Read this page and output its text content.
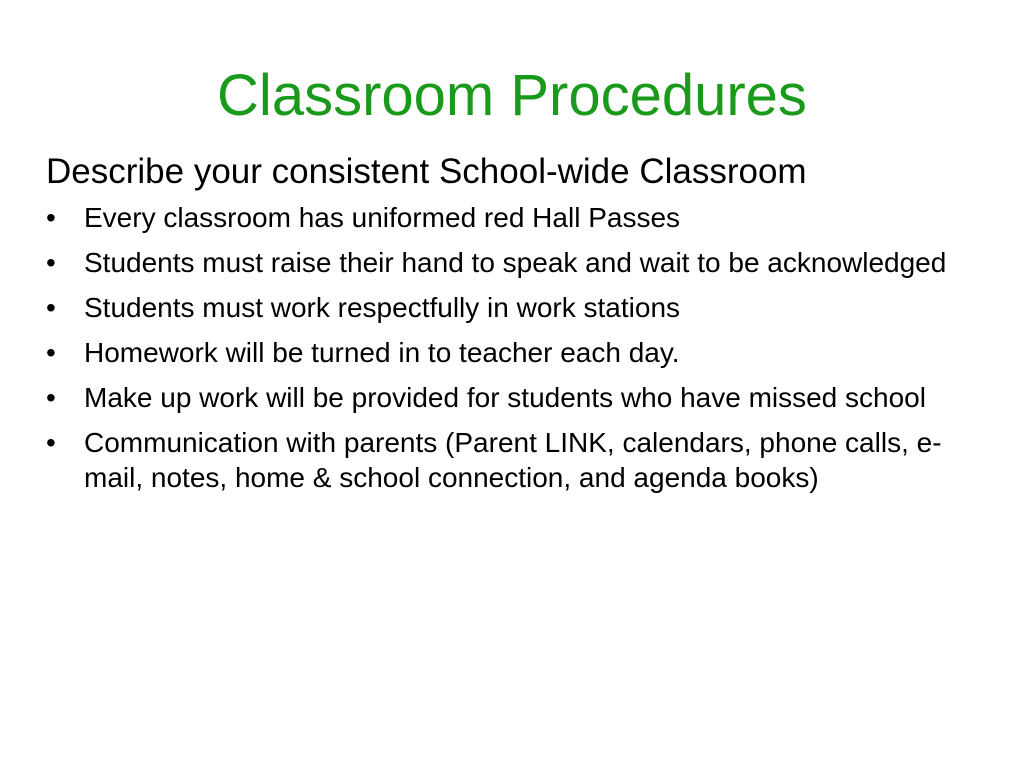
Classroom Procedures

Describe your consistent School-wide Classroom

•	Every classroom has uniformed red Hall Passes
•	Students must raise their hand to speak and wait to be acknowledged
•	Students must work respectfully in work stations
•	Homework will be turned in to teacher each day.
•	Make up work will be provided for students who have missed school
•	Communication with parents (Parent LINK, calendars, phone calls, e-mail, notes, home & school connection, and agenda books)
